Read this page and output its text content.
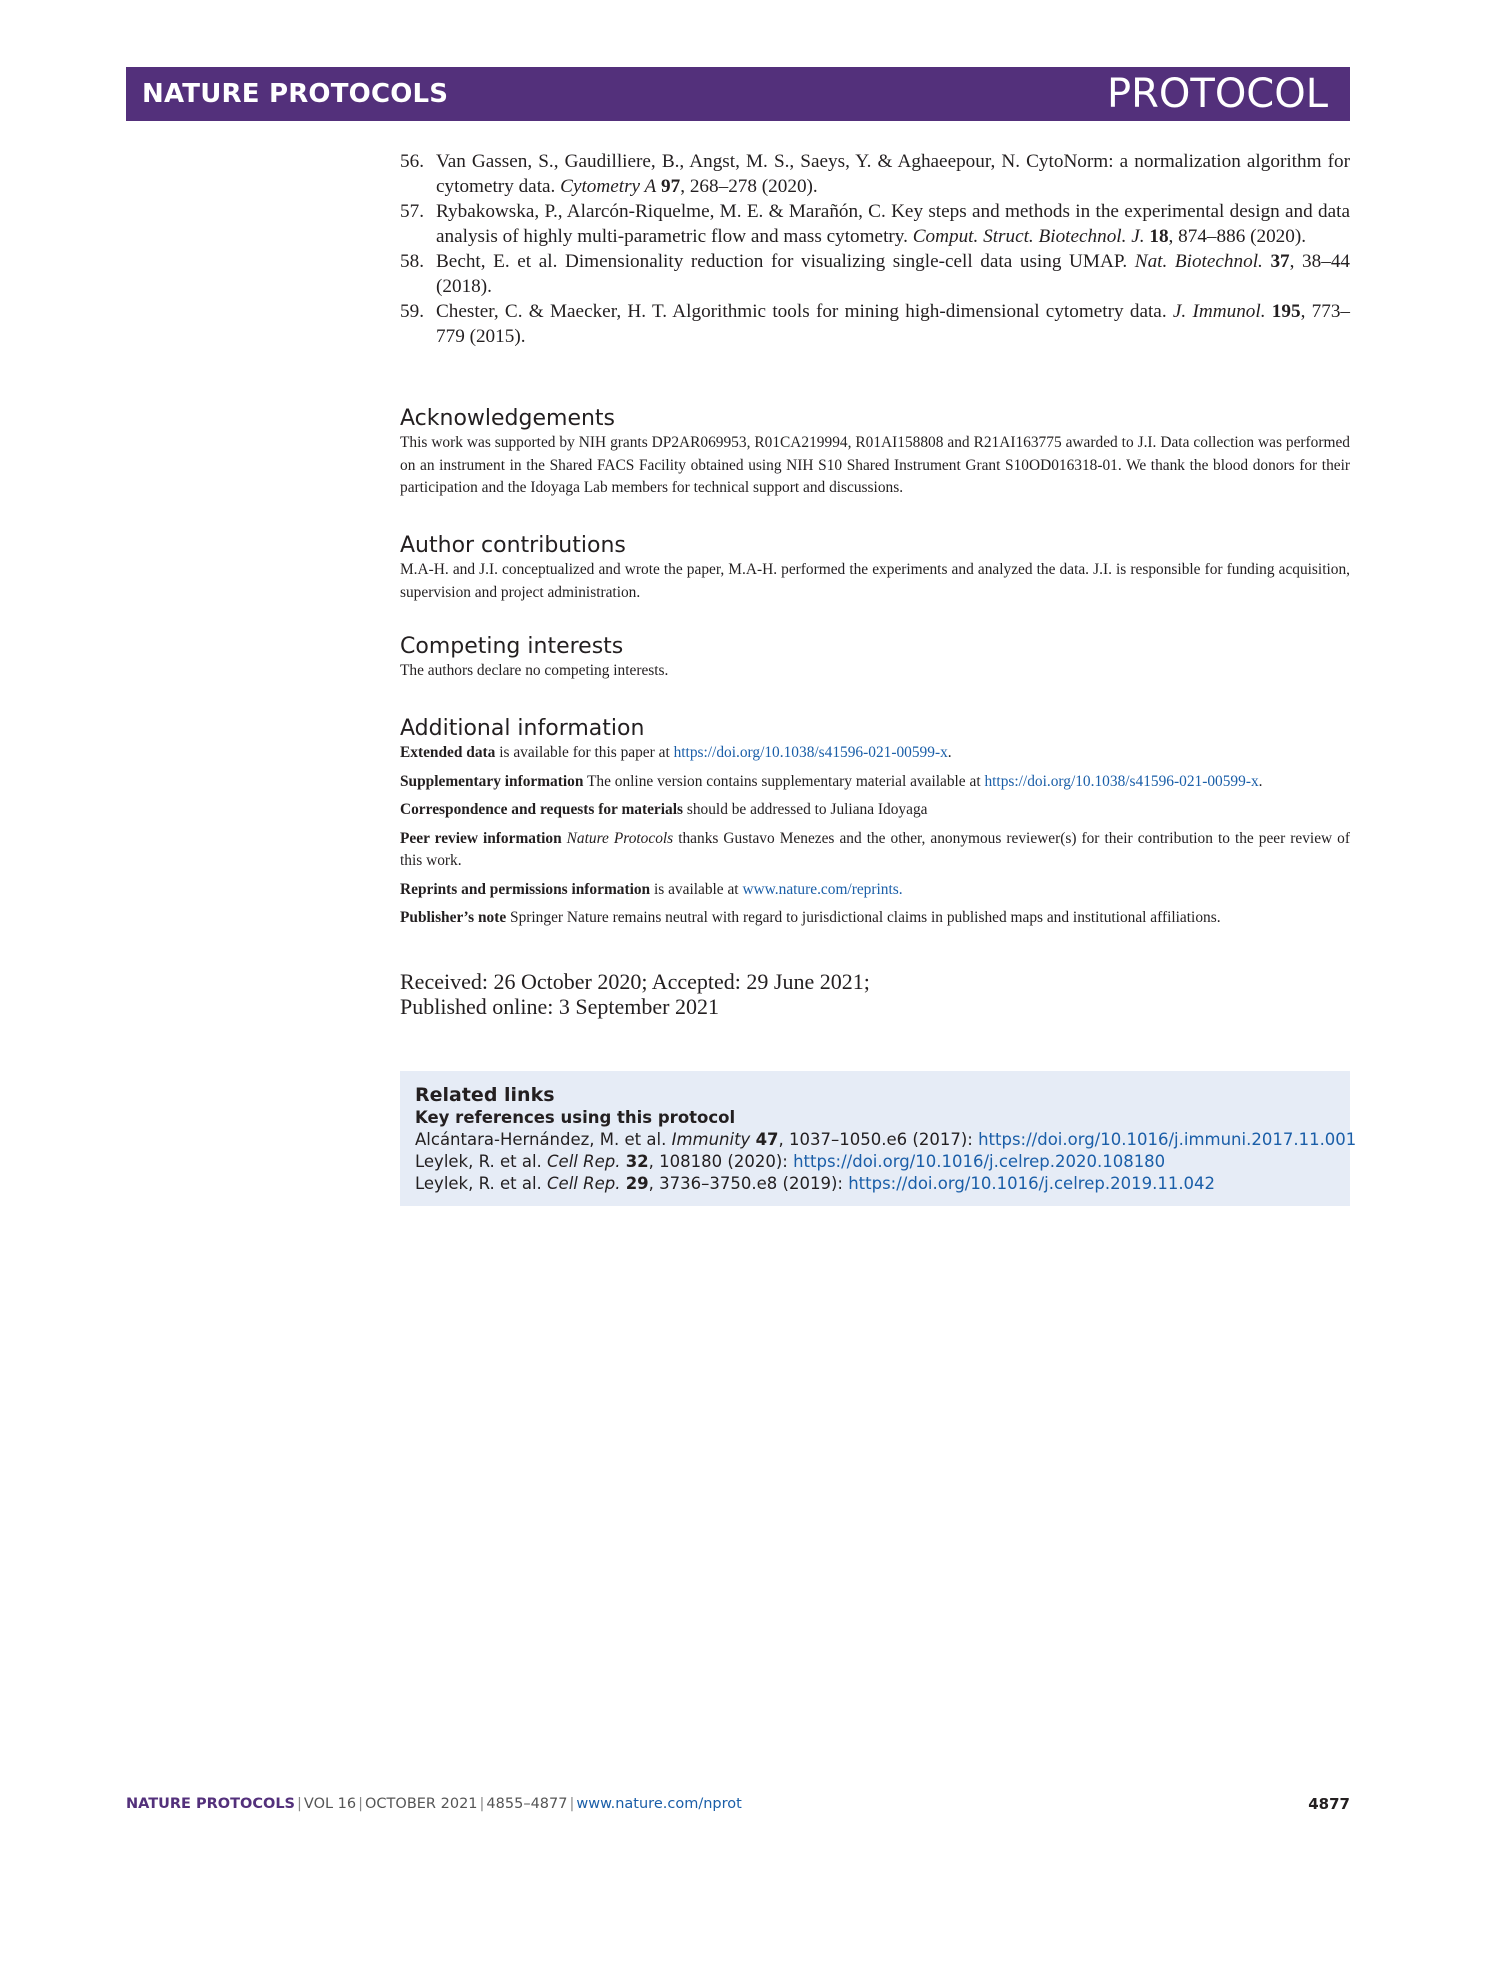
NATURE PROTOCOLS	PROTOCOL
56. Van Gassen, S., Gaudilliere, B., Angst, M. S., Saeys, Y. & Aghaeepour, N. CytoNorm: a normalization algorithm for cytometry data. Cytometry A 97, 268–278 (2020).
57. Rybakowska, P., Alarcón-Riquelme, M. E. & Marañón, C. Key steps and methods in the experimental design and data analysis of highly multi-parametric flow and mass cytometry. Comput. Struct. Biotechnol. J. 18, 874–886 (2020).
58. Becht, E. et al. Dimensionality reduction for visualizing single-cell data using UMAP. Nat. Biotechnol. 37, 38–44 (2018).
59. Chester, C. & Maecker, H. T. Algorithmic tools for mining high-dimensional cytometry data. J. Immunol. 195, 773–779 (2015).
Acknowledgements

This work was supported by NIH grants DP2AR069953, R01CA219994, R01AI158808 and R21AI163775 awarded to J.I. Data collection was performed on an instrument in the Shared FACS Facility obtained using NIH S10 Shared Instrument Grant S10OD016318-01. We thank the blood donors for their participation and the Idoyaga Lab members for technical support and discussions.

Author contributions

M.A-H. and J.I. conceptualized and wrote the paper, M.A-H. performed the experiments and analyzed the data. J.I. is responsible for funding acquisition, supervision and project administration.

Competing interests

The authors declare no competing interests.

Additional information

Extended data is available for this paper at https://doi.org/10.1038/s41596-021-00599-x.

Supplementary information The online version contains supplementary material available at https://doi.org/10.1038/s41596-021-00599-x.

Correspondence and requests for materials should be addressed to Juliana Idoyaga

Peer review information Nature Protocols thanks Gustavo Menezes and the other, anonymous reviewer(s) for their contribution to the peer review of this work.

Reprints and permissions information is available at www.nature.com/reprints.

Publisher’s note Springer Nature remains neutral with regard to jurisdictional claims in published maps and institutional affiliations.

Received: 26 October 2020; Accepted: 29 June 2021;
Published online: 3 September 2021
Related links
Key references using this protocol
Alcántara-Hernández, M. et al. Immunity 47, 1037–1050.e6 (2017): https://doi.org/10.1016/j.immuni.2017.11.001
Leylek, R. et al. Cell Rep. 32, 108180 (2020): https://doi.org/10.1016/j.celrep.2020.108180
Leylek, R. et al. Cell Rep. 29, 3736–3750.e8 (2019): https://doi.org/10.1016/j.celrep.2019.11.042
NATURE PROTOCOLS | VOL 16 | OCTOBER 2021 | 4855–4877 | www.nature.com/nprot	4877
